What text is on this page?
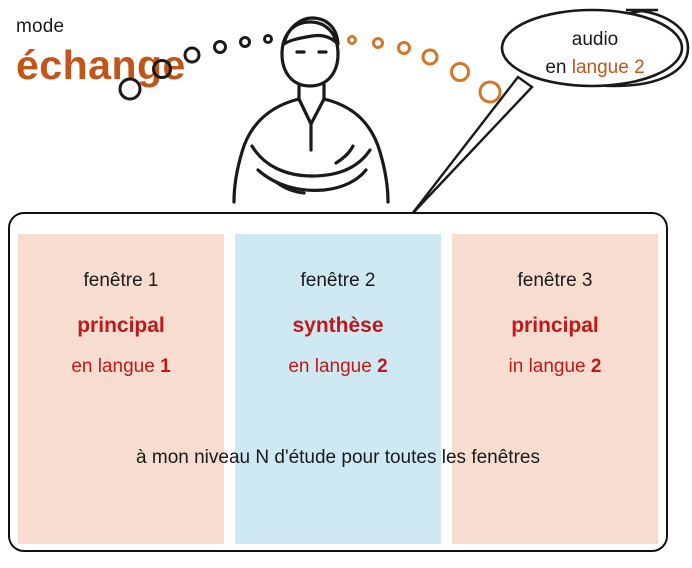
mode
échange
audio
en langue 2
fenêtre 1
principal
en langue 1
fenêtre 2
synthèse
en langue 2
fenêtre 3
principal
in langue 2
à mon niveau N d'étude pour toutes les fenêtres
